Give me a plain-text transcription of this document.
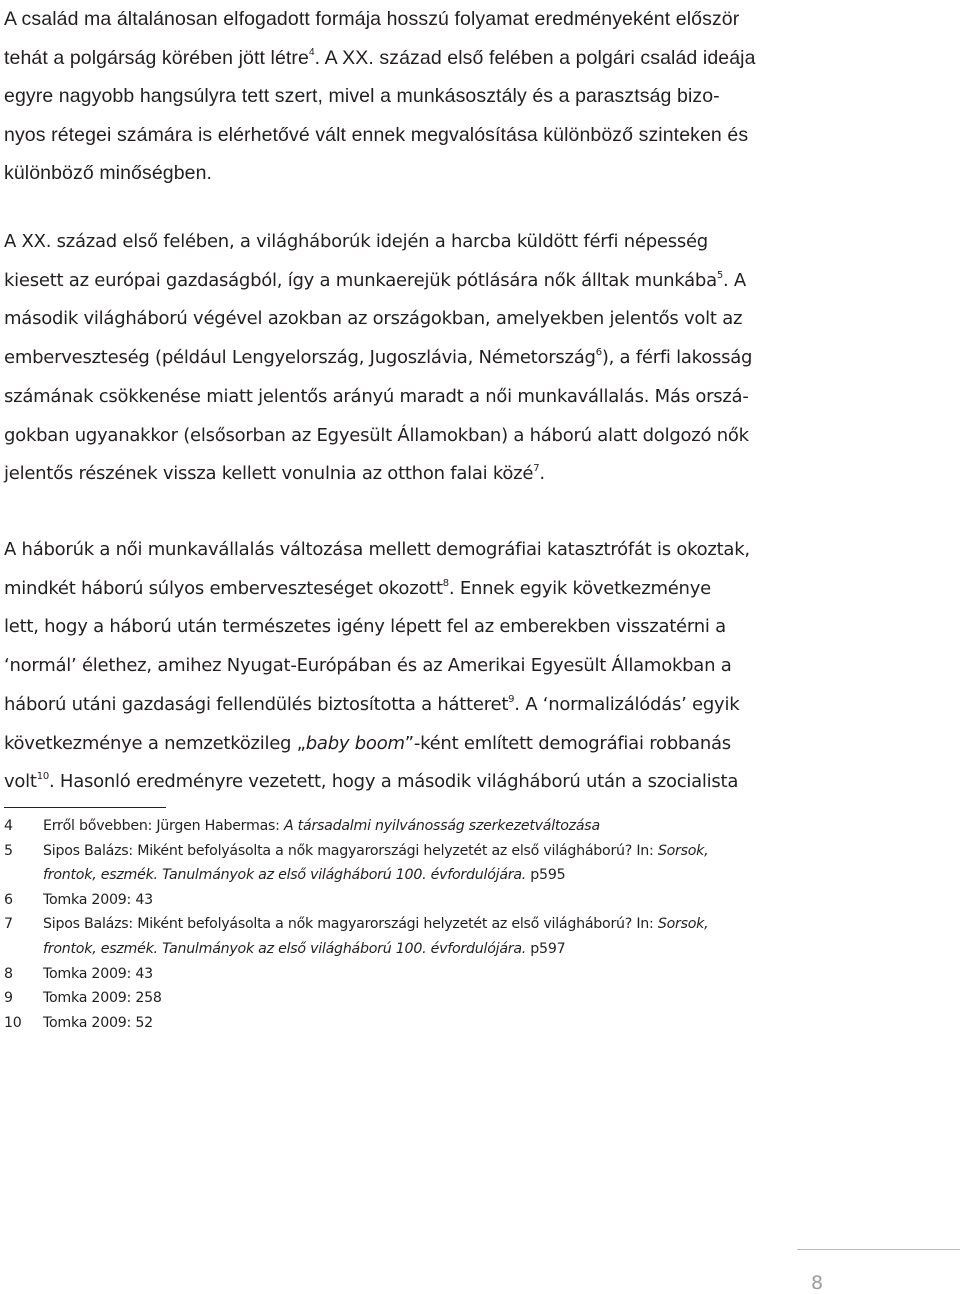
A család ma általánosan elfogadott formája hosszú folyamat eredményeként először
tehát a polgárság körében jött létre$^4$. A XX. század első felében a polgári család ideája
egyre nagyobb hangsúlyra tett szert, mivel a munkásosztály és a parasztság bizo-
nyos rétegei számára is elérhetővé vált ennek megvalósítása különböző szinteken és
különböző minőségben.
A XX. század első felében, a világháborúk idején a harcba küldött férfi népesség
kiesett az európai gazdaságból, így a munkaerejük pótlására nők álltak munkába$^5$. A
második világháború végével azokban az országokban, amelyekben jelentős volt az
emberveszteség (például Lengyelország, Jugoszlávia, Németország$^6$), a férfi lakosság
számának csökkenése miatt jelentős arányú maradt a női munkavállalás. Más orszá-
gokban ugyanakkor (elsősorban az Egyesült Államokban) a háború alatt dolgozó nők
jelentős részének vissza kellett vonulnia az otthon falai közé$^7$.
A háborúk a női munkavállalás változása mellett demográfiai katasztrófát is okoztak,
mindkét háború súlyos emberveszteséget okozott$^8$. Ennek egyik következménye
lett, hogy a háború után természetes igény lépett fel az emberekben visszatérni a
‘normál’ élethez, amihez Nyugat-Európában és az Amerikai Egyesült Államokban a
háború utáni gazdasági fellendülés biztosította a hátteret$^9$. A ‘normalizálódás’ egyik
következménye a nemzetközileg „baby boom”-ként említett demográfiai robbanás
volt$^{10}$. Hasonló eredményre vezetett, hogy a második világháború után a szocialista
4	Erről bővebben: Jürgen Habermas: A társadalmi nyilvánosság szerkezetváltozása
5	Sipos Balázs: Miként befolyásolta a nők magyarországi helyzetét az első világháború? In: Sorsok,
frontok, eszmék. Tanulmányok az első világháború 100. évfordulójára. p595
6	Tomka 2009: 43
7	Sipos Balázs: Miként befolyásolta a nők magyarországi helyzetét az első világháború? In: Sorsok,
frontok, eszmék. Tanulmányok az első világháború 100. évfordulójára. p597
8	Tomka 2009: 43
9	Tomka 2009: 258
10	Tomka 2009: 52
8
